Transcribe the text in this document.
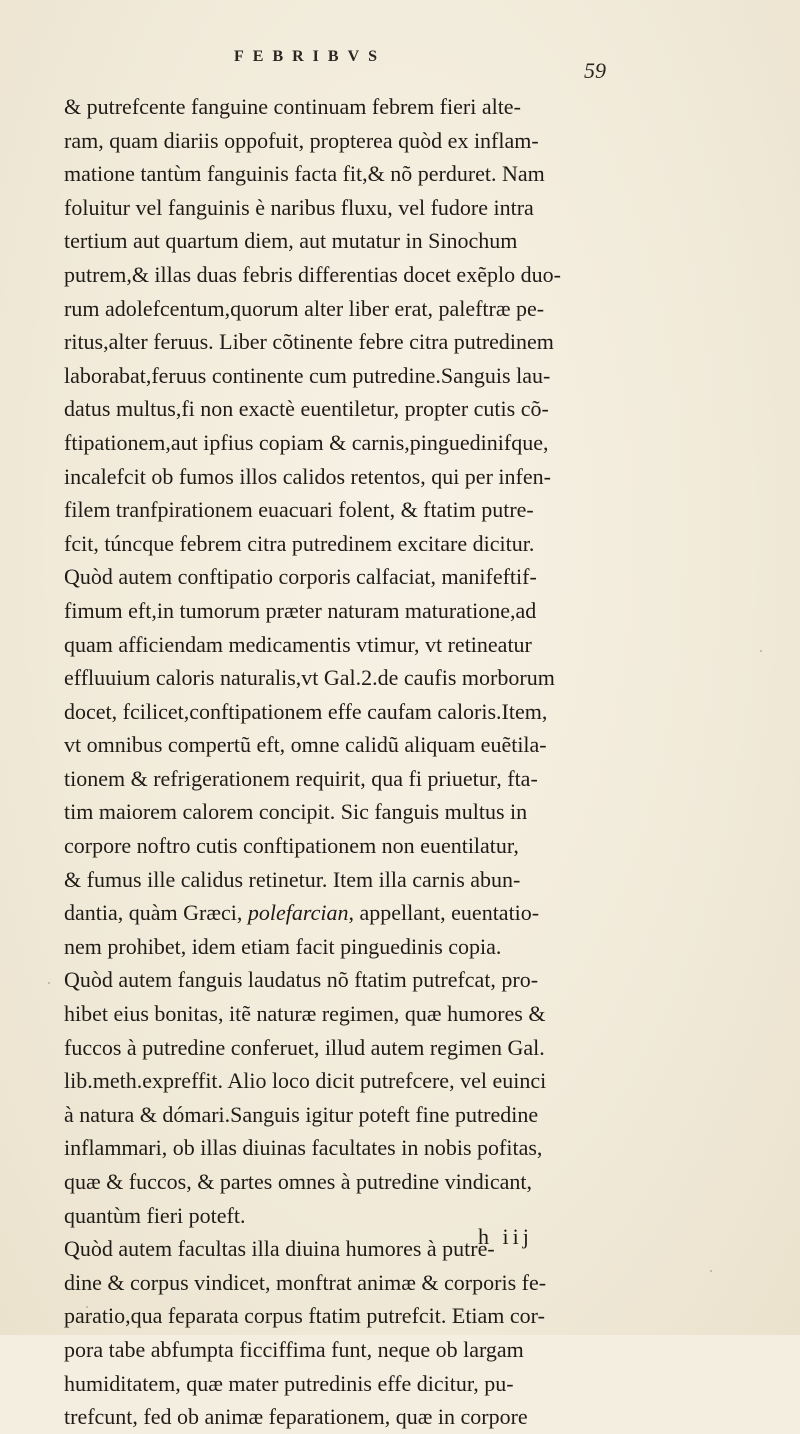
FEBRIBVS
59
& putrefcente fanguine continuam febrem fieri alte-
ram, quam diariis oppofuit, propterea quòd ex inflam-
matione tantùm fanguinis facta fit,& nõ perduret. Nam
foluitur vel fanguinis è naribus fluxu, vel fudore intra
tertium aut quartum diem, aut mutatur in Sinochum
putrem,& illas duas febris differentias docet exẽplo duo-
rum adolefcentum,quorum alter liber erat, paleftræ pe-
ritus,alter feruus. Liber cõtinente febre citra putredinem
laborabat,feruus continente cum putredine.Sanguis lau-
datus multus,fi non exactè euentiletur, propter cutis cõ-
ftipationem,aut ipfius copiam & carnis,pinguedinifque,
incalefcit ob fumos illos calidos retentos, qui per infen-
filem tranfpirationem euacuari folent, & ftatim putre-
fcit, túncque febrem citra putredinem excitare dicitur.
Quòd autem conftipatio corporis calfaciat, manifeftif-
fimum eft,in tumorum præter naturam maturatione,ad
quam afficiendam medicamentis vtimur, vt retineatur
effluuium caloris naturalis,vt Gal.2.de caufis morborum
docet, fcilicet,conftipationem effe caufam caloris.Item,
vt omnibus compertũ eft, omne calidũ aliquam euẽtila-
tionem & refrigerationem requirit, qua fi priuetur, fta-
tim maiorem calorem concipit. Sic fanguis multus in
corpore noftro cutis conftipationem non euentilatur,
& fumus ille calidus retinetur. Item illa carnis abun-
dantia, quàm Græci, polefarcian, appellant, euentatio-
nem prohibet, idem etiam facit pinguedinis copia.
Quòd autem fanguis laudatus nõ ftatim putrefcat, pro-
hibet eius bonitas, itẽ naturæ regimen, quæ humores &
fuccos à putredine conferuet, illud autem regimen Gal.
lib.meth.expreffit. Alio loco dicit putrefcere, vel euinci
à natura & dómari.Sanguis igitur poteft fine putredine
inflammari, ob illas diuinas facultates in nobis pofitas,
quæ & fuccos, & partes omnes à putredine vindicant,
quantùm fieri poteft.
Quòd autem facultas illa diuina humores à putre-
dine & corpus vindicet, monftrat animæ & corporis fe-
paratio,qua feparata corpus ftatim putrefcit. Etiam cor-
pora tabe abfumpta ficciffima funt, neque ob largam
humiditatem, quæ mater putredinis effe dicitur, pu-
trefcunt, fed ob animæ feparationem, quæ in corpore
h iij
